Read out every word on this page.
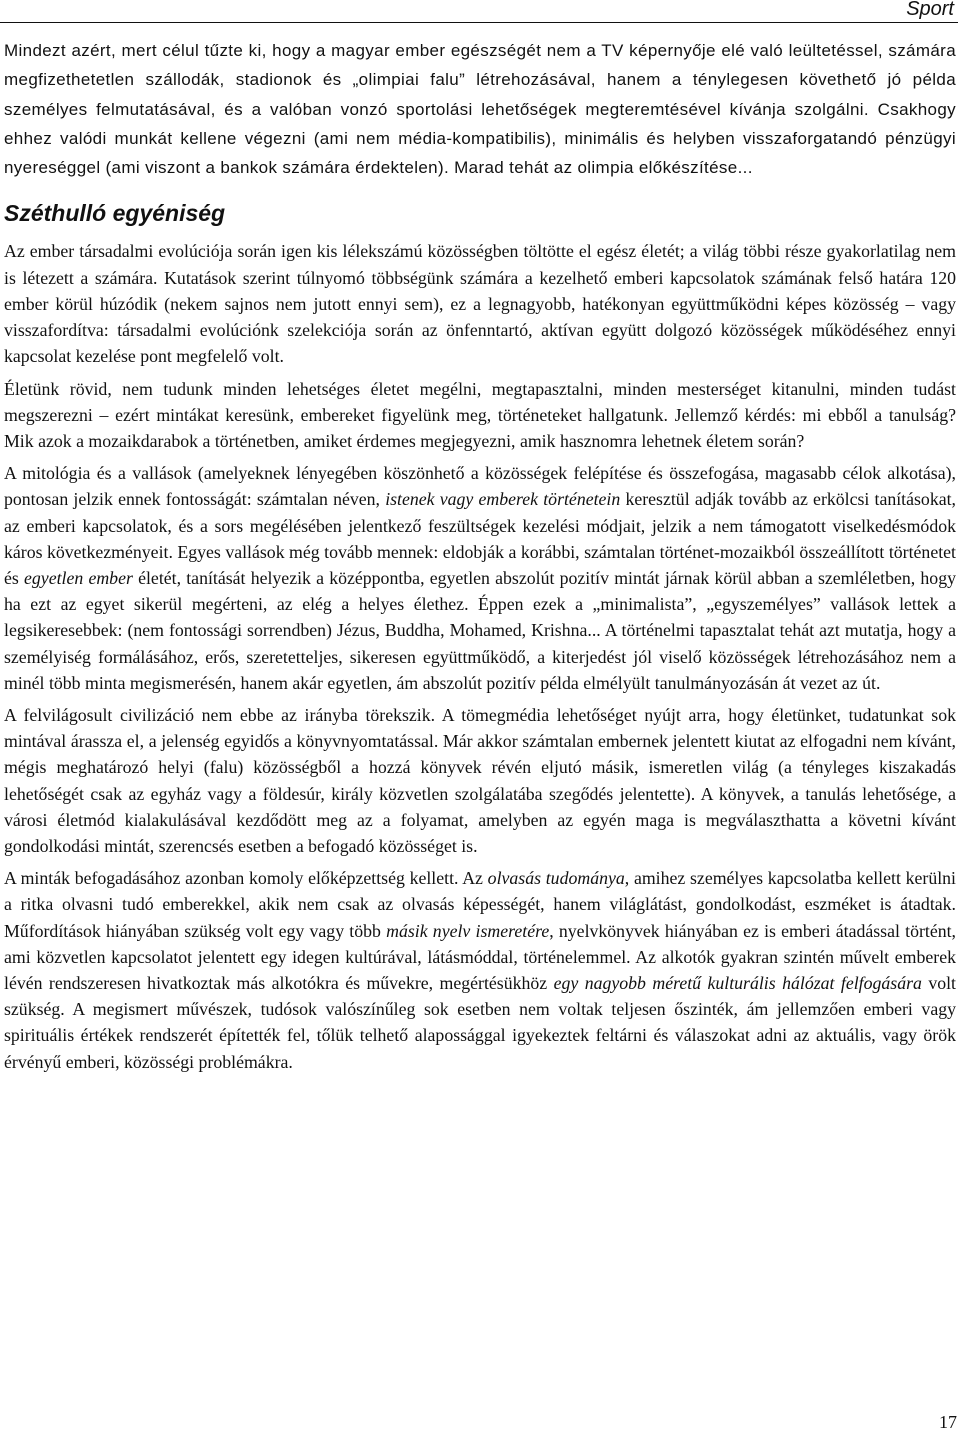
Sport

Mindezt azért, mert célul tűzte ki, hogy a magyar ember egészségét nem a TV képernyője elé való leültetéssel, számára megfizethetetlen szállodák, stadionok és „olimpiai falu” létrehozásával, hanem a ténylegesen követhető jó példa személyes felmutatásával, és a valóban vonzó sportolási lehetőségek megteremtésével kívánja szolgálni. Csakhogy ehhez valódi munkát kellene végezni (ami nem média-kompatibilis), minimális és helyben visszaforgatandó pénzügyi nyereséggel (ami viszont a bankok számára érdektelen). Marad tehát az olimpia előkészítése...

Széthulló egyéniség

Az ember társadalmi evolúciója során igen kis lélekszámú közösségben töltötte el egész életét; a világ többi része gyakorlatilag nem is létezett a számára. Kutatások szerint túlnyomó többségünk számára a kezelhető emberi kapcsolatok számának felső határa 120 ember körül húzódik (nekem sajnos nem jutott ennyi sem), ez a legnagyobb, hatékonyan együttműködni képes közösség – vagy visszafordítva: társadalmi evolúciónk szelekciója során az önfenntartó, aktívan együtt dolgozó közösségek működéséhez ennyi kapcsolat kezelése pont megfelelő volt.

Életünk rövid, nem tudunk minden lehetséges életet megélni, megtapasztalni, minden mesterséget kitanulni, minden tudást megszerezni – ezért mintákat keresünk, embereket figyelünk meg, történeteket hallgatunk. Jellemző kérdés: mi ebből a tanulság? Mik azok a mozaikdarabok a történetben, amiket érdemes megjegyezni, amik hasznomra lehetnek életem során?

A mitológia és a vallások (amelyeknek lényegében köszönhető a közösségek felépítése és összefogása, magasabb célok alkotása), pontosan jelzik ennek fontosságát: számtalan néven, istenek vagy emberek történetein keresztül adják tovább az erkölcsi tanításokat, az emberi kapcsolatok, és a sors megélésében jelentkező feszültségek kezelési módjait, jelzik a nem támogatott viselkedésmódok káros következményeit. Egyes vallások még tovább mennek: eldobják a korábbi, számtalan történet-mozaikból összeállított történetet és egyetlen ember életét, tanítását helyezik a középpontba, egyetlen abszolút pozitív mintát járnak körül abban a szemléletben, hogy ha ezt az egyet sikerül megérteni, az elég a helyes élethez. Éppen ezek a „minimalista”, „egyszemélyes” vallások lettek a legsikeresebbek: (nem fontossági sorrendben) Jézus, Buddha, Mohamed, Krishna... A történelmi tapasztalat tehát azt mutatja, hogy a személyiség formálásához, erős, szeretetteljes, sikeresen együttműködő, a kiterjedést jól viselő közösségek létrehozásához nem a minél több minta megismerésén, hanem akár egyetlen, ám abszolút pozitív példa elmélyült tanulmányozásán át vezet az út.

A felvilágosult civilizáció nem ebbe az irányba törekszik. A tömegmédia lehetőséget nyújt arra, hogy életünket, tudatunkat sok mintával árassza el, a jelenség egyidős a könyvnyomtatással. Már akkor számtalan embernek jelentett kiutat az elfogadni nem kívánt, mégis meghatározó helyi (falu) közösségből a hozzá könyvek révén eljutó másik, ismeretlen világ (a tényleges kiszakadás lehetőségét csak az egyház vagy a földesúr, király közvetlen szolgálatába szegődés jelentette). A könyvek, a tanulás lehetősége, a városi életmód kialakulásával kezdődött meg az a folyamat, amelyben az egyén maga is megválaszthatta a követni kívánt gondolkodási mintát, szerencsés esetben a befogadó közösséget is.

A minták befogadásához azonban komoly előképzettség kellett. Az olvasás tudománya, amihez személyes kapcsolatba kellett kerülni a ritka olvasni tudó emberekkel, akik nem csak az olvasás képességét, hanem világlátást, gondolkodást, eszméket is átadtak. Műfordítások hiányában szükség volt egy vagy több másik nyelv ismeretére, nyelvkönyvek hiányában ez is emberi átadással történt, ami közvetlen kapcsolatot jelentett egy idegen kultúrával, látásmóddal, történelemmel. Az alkotók gyakran szintén művelt emberek lévén rendszeresen hivatkoztak más alkotókra és művekre, megértésükhöz egy nagyobb méretű kulturális hálózat felfogására volt szükség. A megismert művészek, tudósok valószínűleg sok esetben nem voltak teljesen őszinték, ám jellemzően emberi vagy spirituális értékek rendszerét építették fel, tőlük telhető alapossággal igyekeztek feltárni és válaszokat adni az aktuális, vagy örök érvényű emberi, közösségi problémákra.

17
